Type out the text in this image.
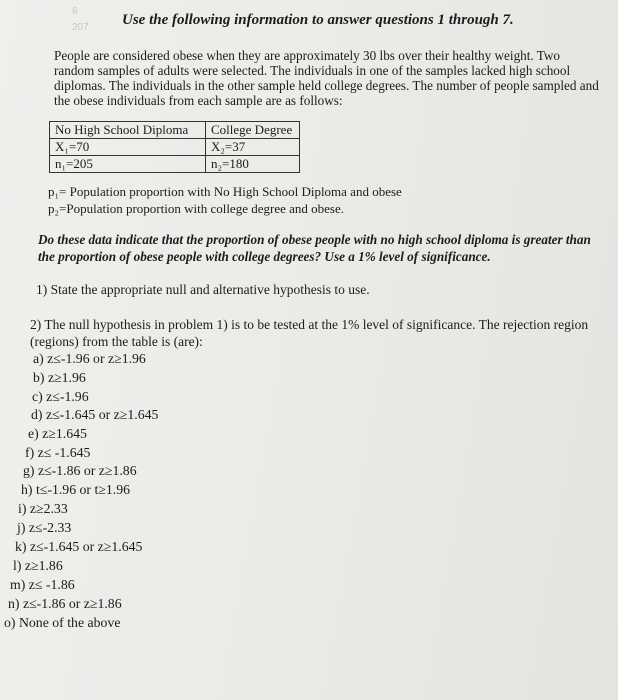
6
207 Use the following information to answer questions 1 through 7.
People are considered obese when they are approximately 30 lbs over their healthy weight. Two random samples of adults were selected. The individuals in one of the samples lacked high school diplomas. The individuals in the other sample held college degrees. The number of people sampled and the obese individuals from each sample are as follows:
No High School Diploma	College Degree
X₁=70	X₂=37
n₁=205	n₂=180
p₁= Population proportion with No High School Diploma and obese
p₂=Population proportion with college degree and obese.
Do these data indicate that the proportion of obese people with no high school diploma is greater than the proportion of obese people with college degrees? Use a 1% level of significance.
1) State the appropriate null and alternative hypothesis to use.
2) The null hypothesis in problem 1) is to be tested at the 1% level of significance. The rejection region (regions) from the table is (are):
a) z≤-1.96 or z≥1.96
b) z≥1.96
c) z≤-1.96
d) z≤-1.645 or z≥1.645
e) z≥1.645
f) z≤ -1.645
g) z≤-1.86 or z≥1.86
h) t≤-1.96 or t≥1.96
i) z≥2.33
j) z≤-2.33
k) z≤-1.645 or z≥1.645
l) z≥1.86
m) z≤ -1.86
n) z≤-1.86 or z≥1.86
o) None of the above
